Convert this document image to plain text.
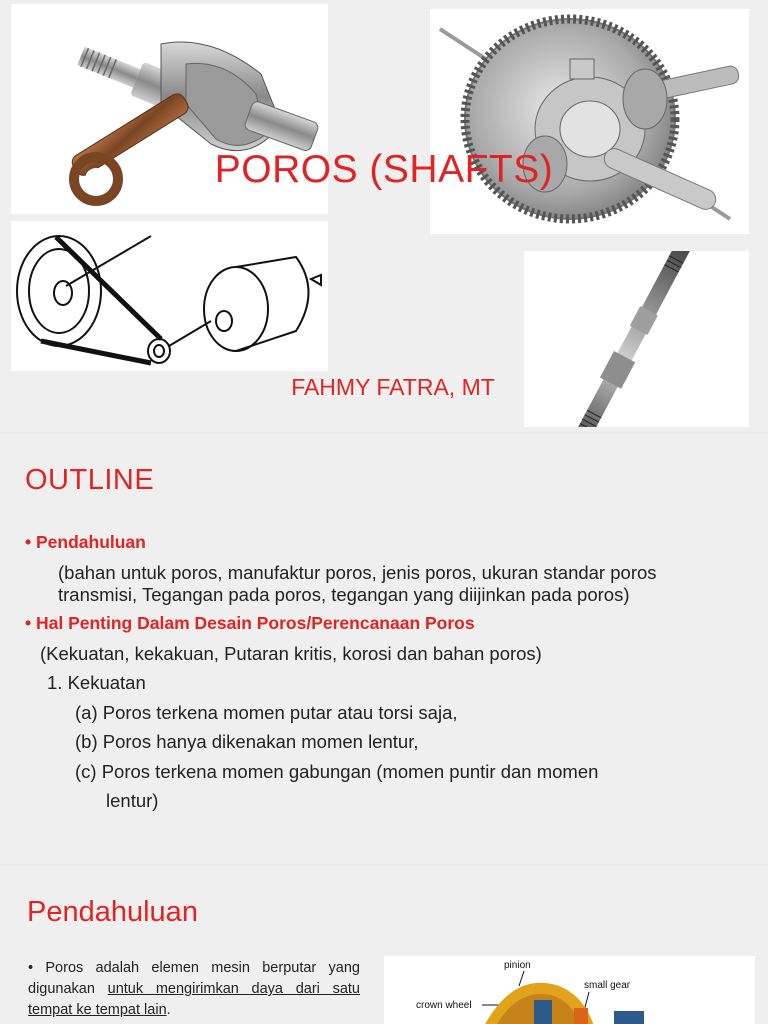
POROS (SHAFTS)
FAHMY FATRA, MT
OUTLINE
• Pendahuluan
(bahan untuk poros, manufaktur poros, jenis poros, ukuran standar poros
transmisi, Tegangan pada poros, tegangan yang diijinkan pada poros)
• Hal Penting Dalam Desain Poros/Perencanaan Poros
(Kekuatan, kekakuan, Putaran kritis, korosi dan bahan poros)
1. Kekuatan
(a) Poros terkena momen putar atau torsi saja,
(b) Poros hanya dikenakan momen lentur,
(c) Poros terkena momen gabungan (momen puntir dan momen
lentur)
Pendahuluan
• Poros adalah elemen mesin berputar yang digunakan untuk mengirimkan daya dari satu tempat ke tempat lain.
pinion
small gear
crown wheel
